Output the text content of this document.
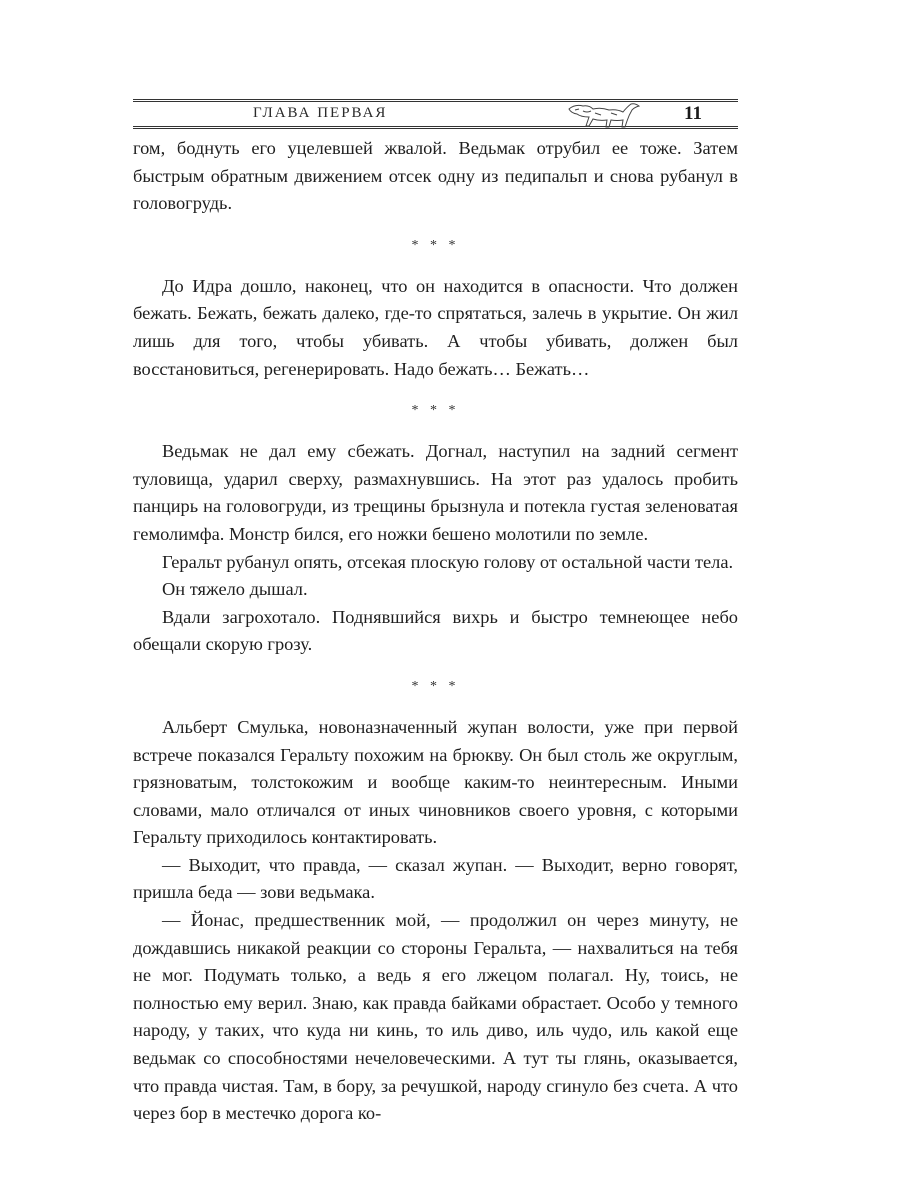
ГЛАВА ПЕРВАЯ	11

гом, боднуть его уцелевшей жвалой. Ведьмак отрубил ее тоже. Затем быстрым обратным движением отсек одну из педипальп и снова рубанул в головогрудь.

* * *

До Идра дошло, наконец, что он находится в опасности. Что должен бежать. Бежать, бежать далеко, где-то спрятаться, залечь в укрытие. Он жил лишь для того, чтобы убивать. А чтобы убивать, должен был восстановиться, регенерировать. Надо бежать… Бежать…

* * *

Ведьмак не дал ему сбежать. Догнал, наступил на задний сегмент туловища, ударил сверху, размахнувшись. На этот раз удалось пробить панцирь на головогруди, из трещины брызнула и потекла густая зеленоватая гемолимфа. Монстр бился, его ножки бешено молотили по земле.

Геральт рубанул опять, отсекая плоскую голову от остальной части тела.

Он тяжело дышал.

Вдали загрохотало. Поднявшийся вихрь и быстро темнеющее небо обещали скорую грозу.

* * *

Альберт Смулька, новоназначенный жупан волости, уже при первой встрече показался Геральту похожим на брюкву. Он был столь же округлым, грязноватым, толстокожим и вообще каким-то неинтересным. Иными словами, мало отличался от иных чиновников своего уровня, с которыми Геральту приходилось контактировать.

— Выходит, что правда, — сказал жупан. — Выходит, верно говорят, пришла беда — зови ведьмака.

— Йонас, предшественник мой, — продолжил он через минуту, не дождавшись никакой реакции со стороны Геральта, — нахвалиться на тебя не мог. Подумать только, а ведь я его лжецом полагал. Ну, тоись, не полностью ему верил. Знаю, как правда байками обрастает. Особо у темного народу, у таких, что куда ни кинь, то иль диво, иль чудо, иль какой еще ведьмак со способностями нечеловеческими. А тут ты глянь, оказывается, что правда чистая. Там, в бору, за речушкой, народу сгинуло без счета. А что через бор в местечко дорога ко-
